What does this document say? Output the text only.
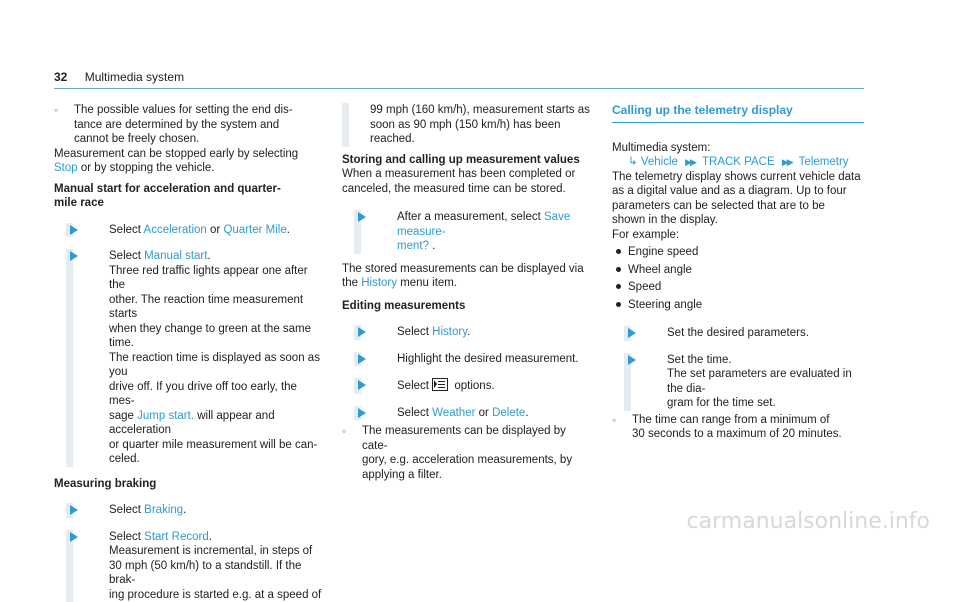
32 Multimedia system
◦ The possible values for setting the end dis-
tance are determined by the system and
cannot be freely chosen.

Measurement can be stopped early by selecting
Stop or by stopping the vehicle.

Manual start for acceleration and quarter-
mile race

Select Acceleration or Quarter Mile.
Select Manual start.
Three red traffic lights appear one after the
other. The reaction time measurement starts
when they change to green at the same time.
The reaction time is displayed as soon as you
drive off. If you drive off too early, the mes-
sage Jump start. will appear and acceleration
or quarter mile measurement will be can-
celed.

Measuring braking

Select Braking.
Select Start Record.
Measurement is incremental, in steps of
30 mph (50 km/h) to a standstill. If the brak-
ing procedure is started e.g. at a speed of
99 mph (160 km/h), measurement starts as
soon as 90 mph (150 km/h) has been
reached.

Storing and calling up measurement values

When a measurement has been completed or
canceled, the measured time can be stored.
After a measurement, select Save measure-
ment? .
The stored measurements can be displayed via
the History menu item.

Editing measurements

Select History.
Highlight the desired measurement.
Select options.
Select Weather or Delete.
◦ The measurements can be displayed by cate-
gory, e.g. acceleration measurements, by
applying a filter.
Calling up the telemetry display
Multimedia system:
↳ Vehicle ▶▶ TRACK PACE ▶▶ Telemetry
The telemetry display shows current vehicle data
as a digital value and as a diagram. Up to four
parameters can be selected that are to be
shown in the display.
For example:
Engine speed
Wheel angle
Speed
Steering angle
Set the desired parameters.
Set the time.
The set parameters are evaluated in the dia-
gram for the time set.
◦ The time can range from a minimum of
30 seconds to a maximum of 20 minutes.
carmanualsonline.info
